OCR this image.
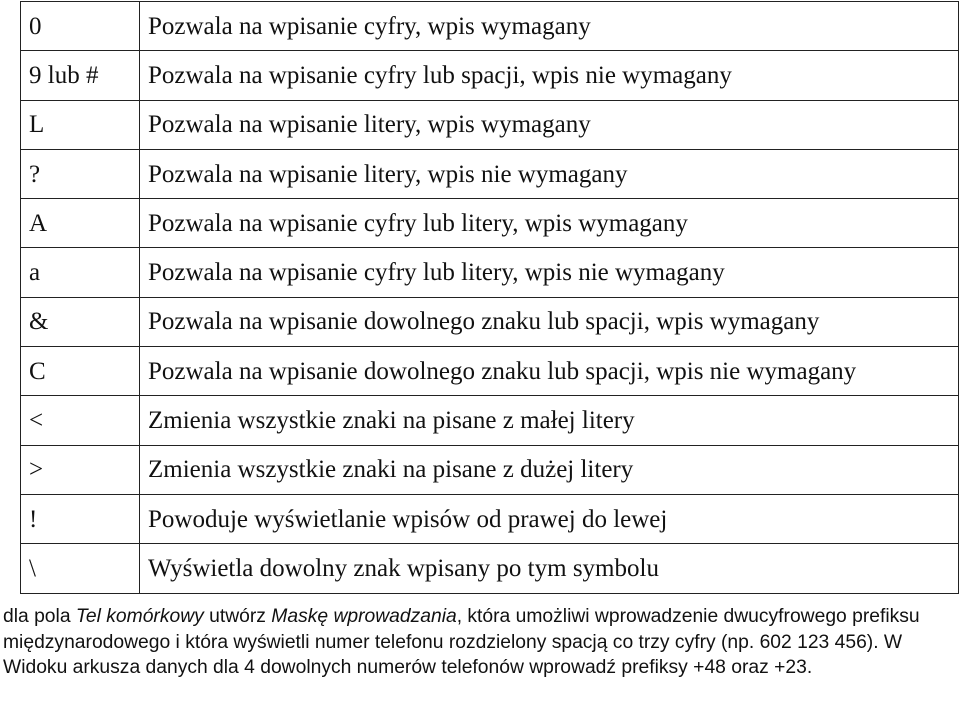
0	Pozwala na wpisanie cyfry, wpis wymagany
9 lub #	Pozwala na wpisanie cyfry lub spacji, wpis nie wymagany
L	Pozwala na wpisanie litery, wpis wymagany
?	Pozwala na wpisanie litery, wpis nie wymagany
A	Pozwala na wpisanie cyfry lub litery, wpis wymagany
a	Pozwala na wpisanie cyfry lub litery, wpis nie wymagany
&	Pozwala na wpisanie dowolnego znaku lub spacji, wpis wymagany
C	Pozwala na wpisanie dowolnego znaku lub spacji, wpis nie wymagany
<	Zmienia wszystkie znaki na pisane z małej litery
>	Zmienia wszystkie znaki na pisane z dużej litery
!	Powoduje wyświetlanie wpisów od prawej do lewej
\	Wyświetla dowolny znak wpisany po tym symbolu

dla pola Tel komórkowy utwórz Maskę wprowadzania, która umożliwi wprowadzenie dwucyfrowego prefiksu międzynarodowego i która wyświetli numer telefonu rozdzielony spacją co trzy cyfry (np. 602 123 456). W Widoku arkusza danych dla 4 dowolnych numerów telefonów wprowadź prefiksy +48 oraz +23.
